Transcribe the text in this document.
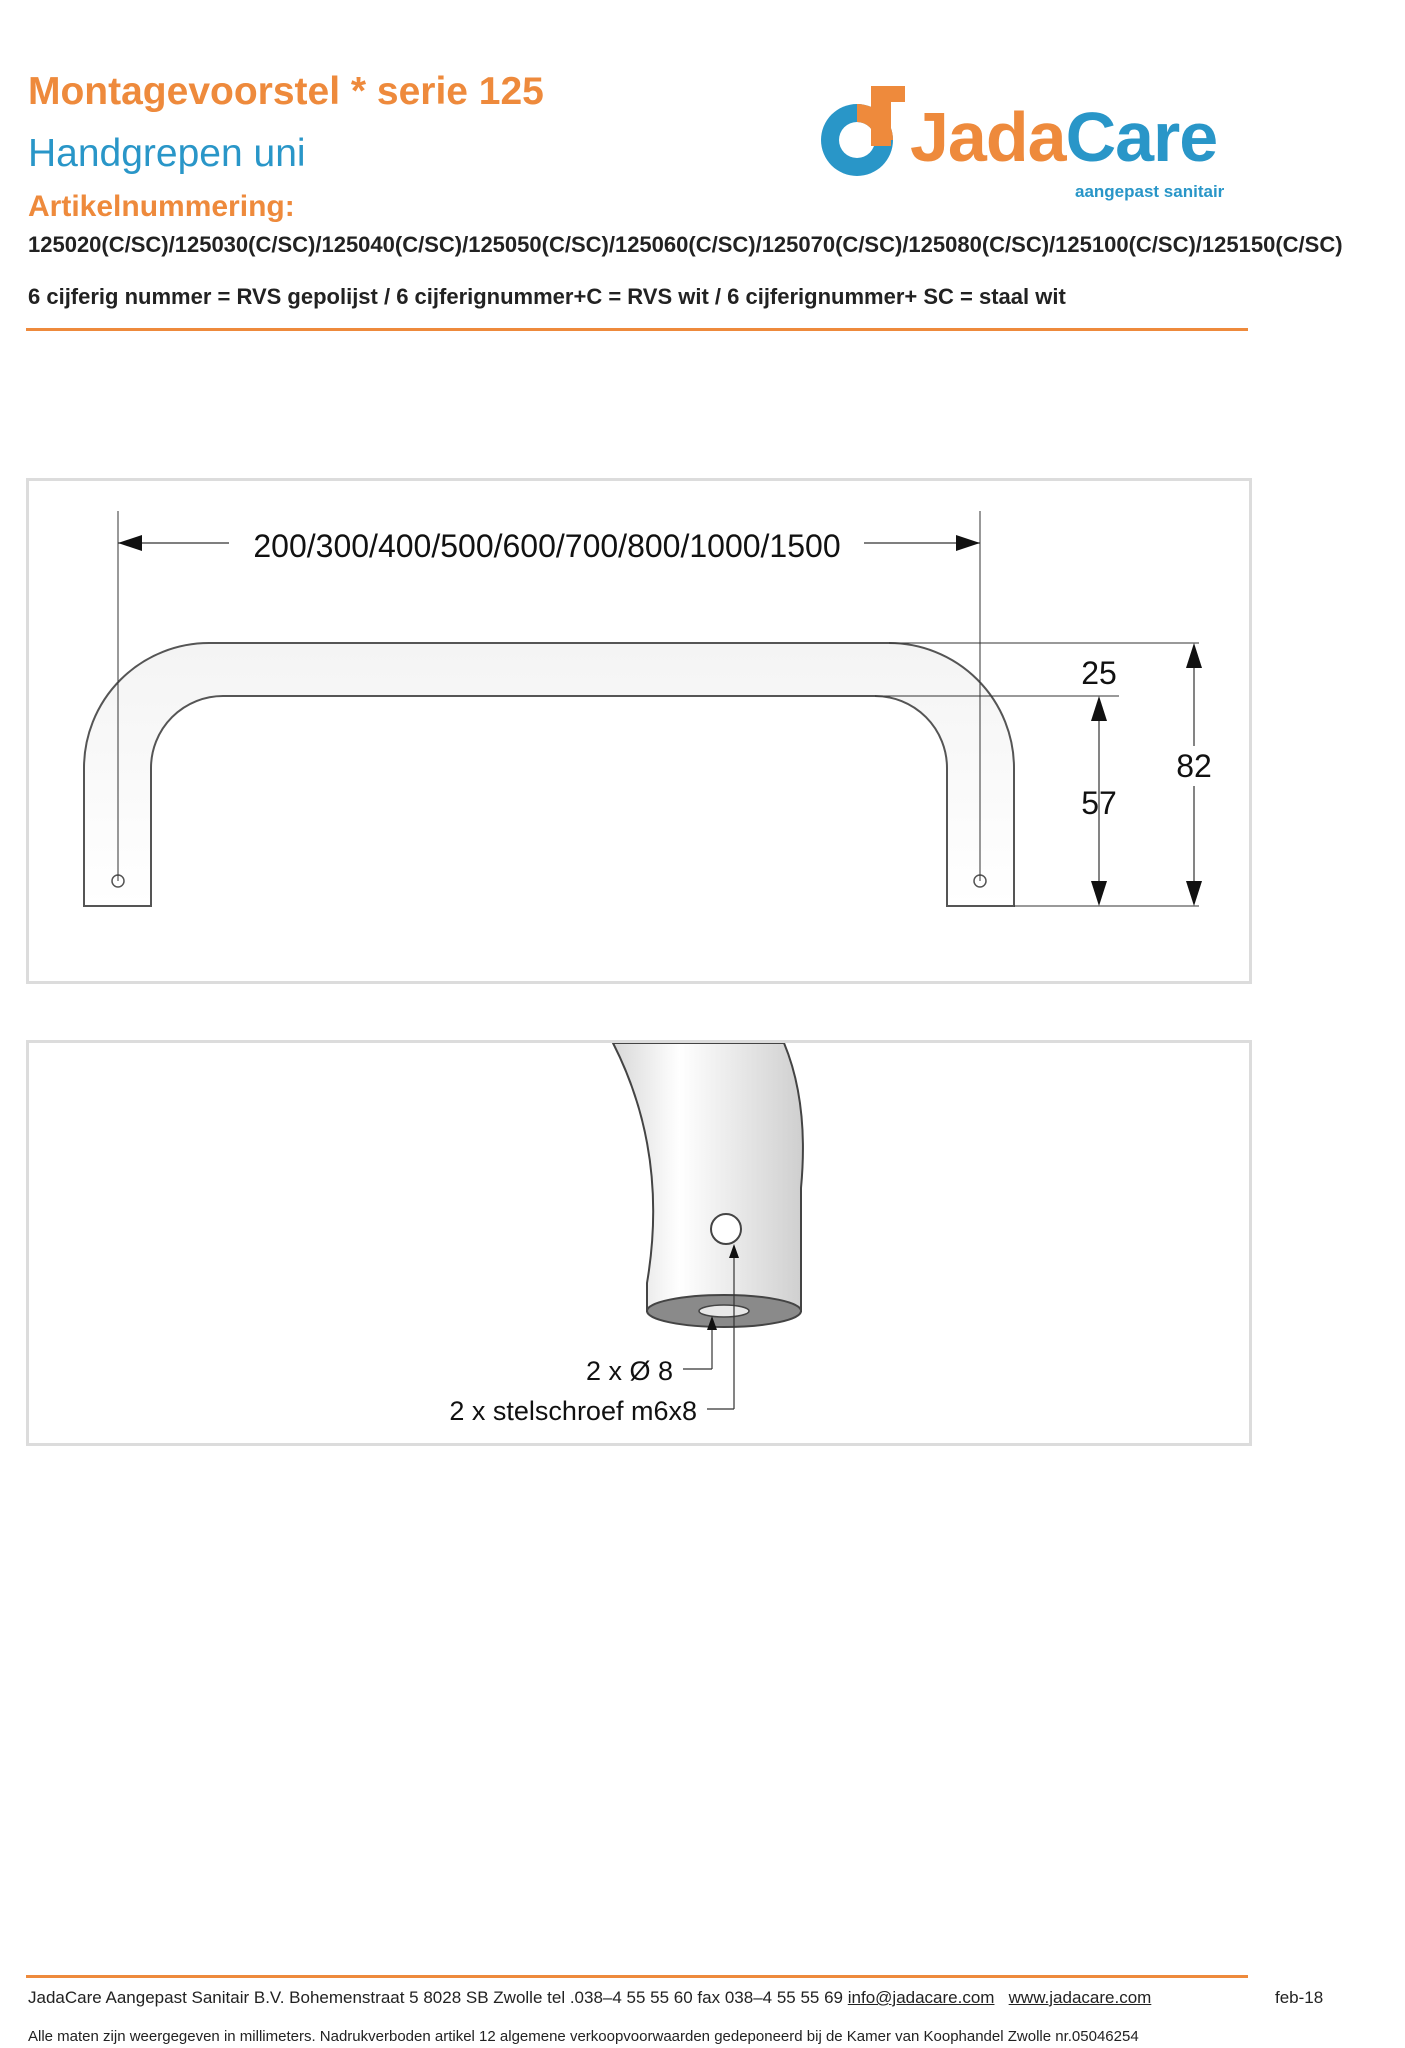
Montagevoorstel * serie 125
Handgrepen uni
Artikelnummering:
125020(C/SC)/125030(C/SC)/125040(C/SC)/125050(C/SC)/125060(C/SC)/125070(C/SC)/125080(C/SC)/125100(C/SC)/125150(C/SC)
6 cijferig nummer = RVS gepolijst / 6 cijferignummer+C = RVS wit / 6 cijferignummer+ SC = staal wit
JadaCare
aangepast sanitair
200/300/400/500/600/700/800/1000/1500
25
57
82
2 x Ø 8
2 x stelschroef m6x8
JadaCare Aangepast Sanitair B.V. Bohemenstraat 5 8028 SB Zwolle tel .038–4 55 55 60 fax 038–4 55 55 69 info@jadacare.com www.jadacare.com	feb-18
Alle maten zijn weergegeven in millimeters. Nadrukverboden artikel 12 algemene verkoopvoorwaarden gedeponeerd bij de Kamer van Koophandel Zwolle nr.05046254
